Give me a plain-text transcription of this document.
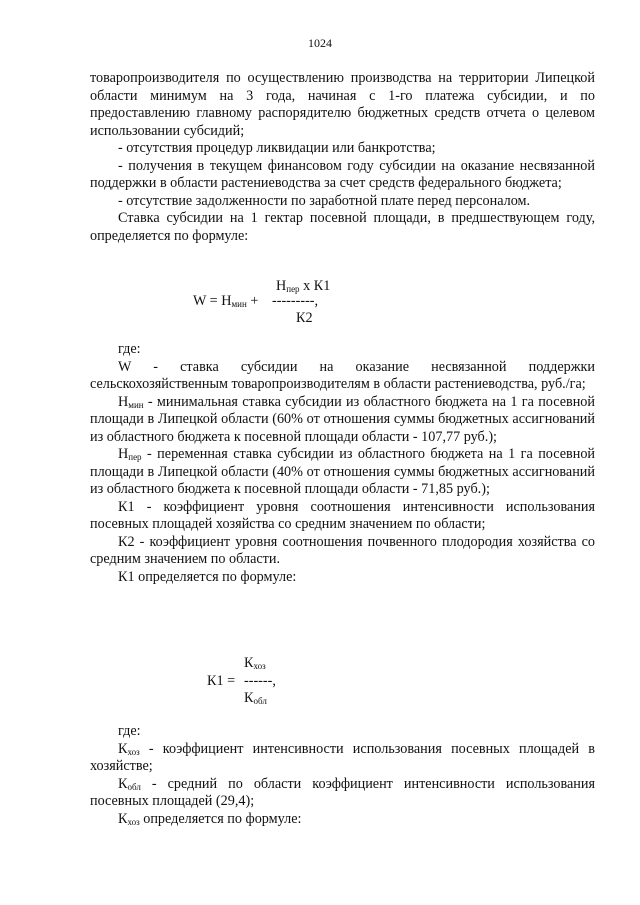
1024

товаропроизводителя по осуществлению производства на территории Липецкой области минимум на 3 года, начиная с 1-го платежа субсидии, и по предоставлению главному распорядителю бюджетных средств отчета о целевом использовании субсидий;

- отсутствия процедур ликвидации или банкротства;

- получения в текущем финансовом году субсидии на оказание несвязанной поддержки в области растениеводства за счет средств федерального бюджета;

- отсутствие задолженности по заработной плате перед персоналом.

Ставка субсидии на 1 гектар посевной площади, в предшествующем году, определяется по формуле:

$Н_{пер}$ х К1
$W = Н_{мин}$ + ---------,
К2

где:

W - ставка субсидии на оказание несвязанной поддержки сельскохозяйственным товаропроизводителям в области растениеводства, руб./га;

$Н_{мин}$ - минимальная ставка субсидии из областного бюджета на 1 га посевной площади в Липецкой области (60% от отношения суммы бюджетных ассигнований из областного бюджета к посевной площади области - 107,77 руб.);

$Н_{пер}$ - переменная ставка субсидии из областного бюджета на 1 га посевной площади в Липецкой области (40% от отношения суммы бюджетных ассигнований из областного бюджета к посевной площади области - 71,85 руб.);

К1 - коэффициент уровня соотношения интенсивности использования посевных площадей хозяйства со средним значением по области;

К2 - коэффициент уровня соотношения почвенного плодородия хозяйства со средним значением по области.

К1 определяется по формуле:

$К_{хоз}$
К1 = ------,
$К_{обл}$

где:

$К_{хоз}$ - коэффициент интенсивности использования посевных площадей в хозяйстве;

$К_{обл}$ - средний по области коэффициент интенсивности использования посевных площадей (29,4);

$К_{хоз}$ определяется по формуле:
